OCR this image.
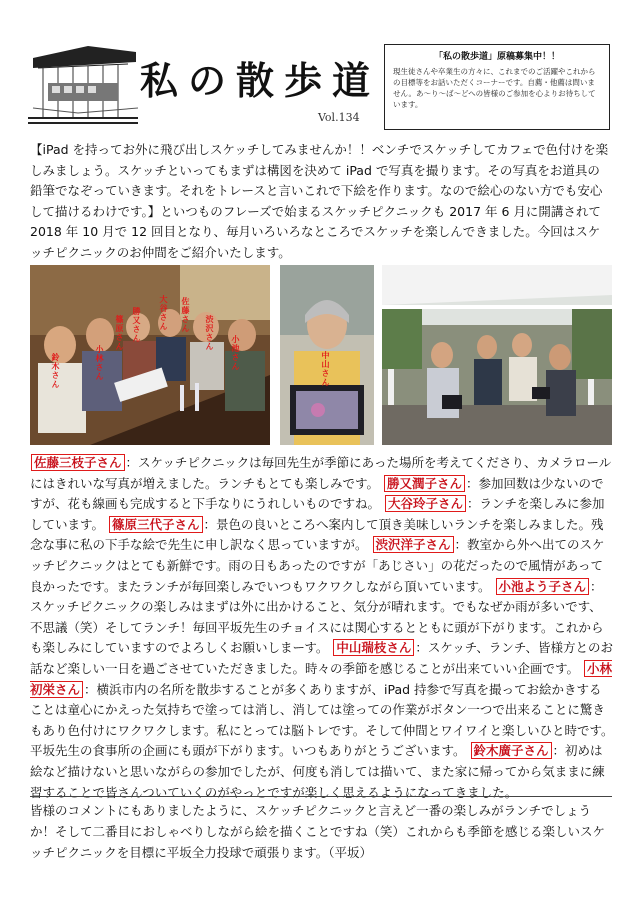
私の散歩道
Vol.134
「私の散歩道」原稿募集中！！
現生徒さんや卒業生の方々に、これまでのご活躍やこれからの目標等をお話いただくコーナーです。自薦・他薦は問いません。あ〜り〜ば〜どへの皆様のご参加を心よりお待ちしています。

【iPad を持ってお外に飛び出しスケッチしてみませんか！！ベンチでスケッチしてカフェで色付けを楽しみましょう。スケッチといってもまずは構図を決めて iPad で写真を撮ります。その写真をお道具の鉛筆でなぞっていきます。それをトレースと言いこれで下絵を作ります。なので絵心のない方でも安心して描けるわけです。】といつものフレーズで始まるスケッチピクニックも 2017 年 6 月に開講されて 2018 年 10 月で 12 回目となり、毎月いろいろなところでスケッチを楽しんできました。今回はスケッチピクニックのお仲間をご紹介いたします。

鈴木さん	小林さん
篠原さん 勝又さん 大谷さん 佐藤さん 渋沢さん
小池さん	中山さん

佐藤三枝子さん ：スケッチピクニックは毎回先生が季節にあった場所を考えてくださり、カメラロールにはきれいな写真が増えました。ランチもとても楽しみです。 勝又潤子さん ：参加回数は少ないのですが、花も線画も完成すると下手なりにうれしいものですね。 大谷玲子さん ：ランチを楽しみに参加しています。 篠原三代子さん ：景色の良いところへ案内して頂き美味しいランチを楽しみました。残念な事に私の下手な絵で先生に申し訳なく思っていますが。 渋沢洋子さん ：教室から外へ出てのスケッチピクニックはとても新鮮です。雨の日もあったのですが「あじさい」の花だったので風情があって良かったです。またランチが毎回楽しみでいつもワクワクしながら頂いています。 小池よう子さん ：スケッチピクニックの楽しみはまずは外に出かけること、気分が晴れます。でもなぜか雨が多いです、不思議（笑）そしてランチ！毎回平坂先生のチョイスには関心するとともに頭が下がります。これからも楽しみにしていますのでよろしくお願いしまーす。 中山瑞枝さん ：スケッチ、ランチ、皆様方とのお話など楽しい一日を過ごさせていただきました。時々の季節を感じることが出来ていい企画です。 小林初栄さん ：横浜市内の名所を散歩することが多くありますが、iPad 持参で写真を撮ってお絵かきすることは童心にかえった気持ちで塗っては消し、消しては塗っての作業がボタン一つで出来ることに驚きもあり色付けにワクワクします。私にとっては脳トレです。そして仲間とワイワイと楽しいひと時です。平坂先生の食事所の企画にも頭が下がります。いつもありがとうございます。 鈴木廣子さん ：初めは絵など描けないと思いながらの参加でしたが、何度も消しては描いて、また家に帰ってから気ままに練習することで皆さんついていくのがやっとですが楽しく思えるようになってきました。

皆様のコメントにもありましたように、スケッチピクニックと言えど一番の楽しみがランチでしょうか！そして二番目におしゃべりしながら絵を描くことですね（笑）これからも季節を感じる楽しいスケッチピクニックを目標に平坂全力投球で頑張ります。（平坂）
